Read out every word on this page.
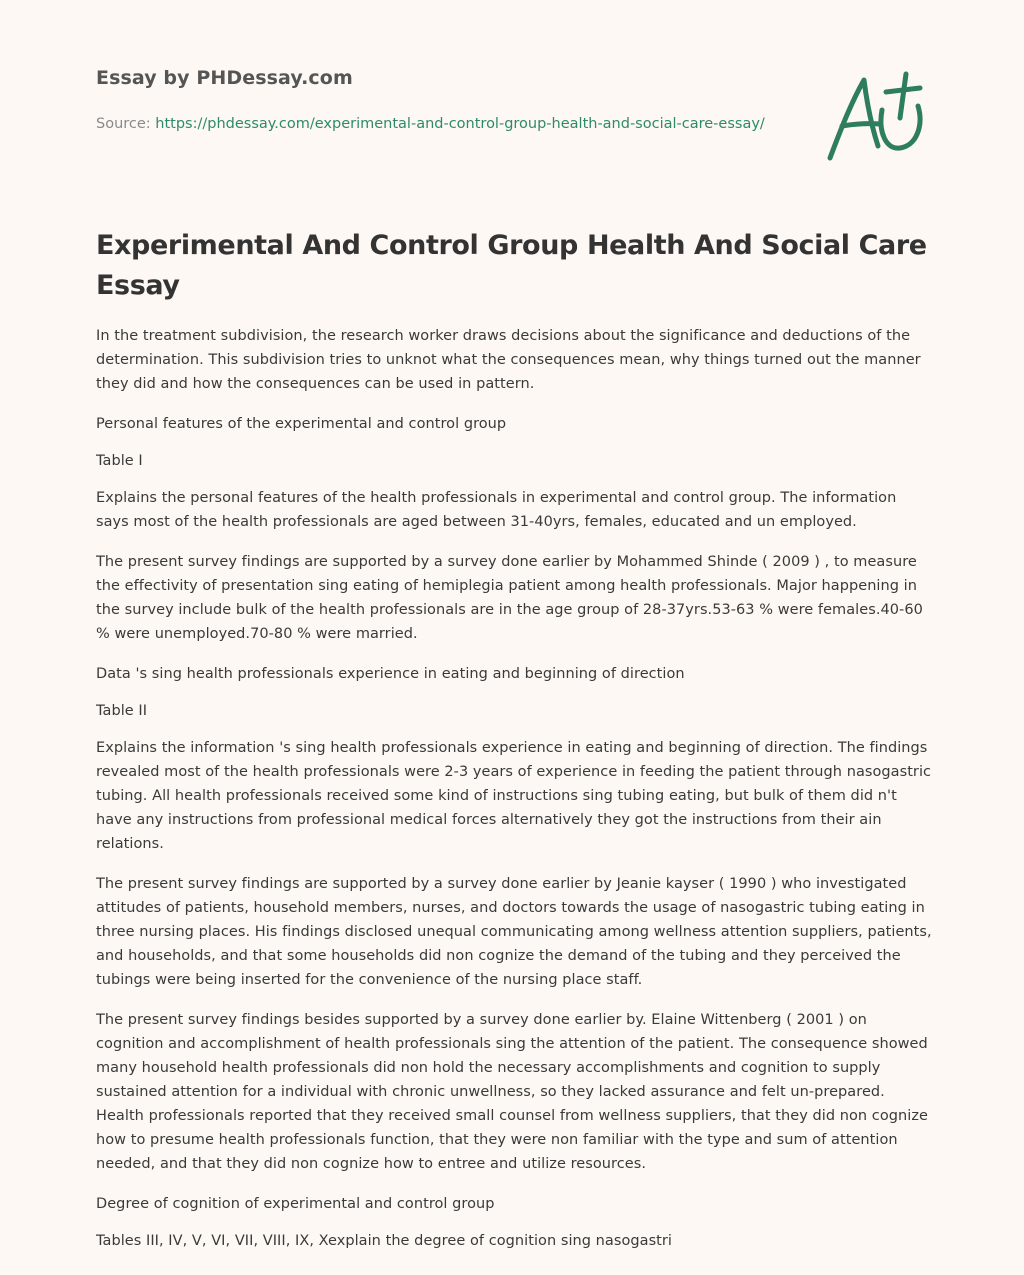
Essay by PHDessay.com
Source: https://phdessay.com/experimental-and-control-group-health-and-social-care-essay/
Experimental And Control Group Health And Social Care Essay

In the treatment subdivision, the research worker draws decisions about the significance and deductions of the determination. This subdivision tries to unknot what the consequences mean, why things turned out the manner they did and how the consequences can be used in pattern.

Personal features of the experimental and control group

Table I

Explains the personal features of the health professionals in experimental and control group. The information says most of the health professionals are aged between 31-40yrs, females, educated and un employed.

The present survey findings are supported by a survey done earlier by Mohammed Shinde ( 2009 ) , to measure the effectivity of presentation sing eating of hemiplegia patient among health professionals. Major happening in the survey include bulk of the health professionals are in the age group of 28-37yrs.53-63 % were females.40-60 % were unemployed.70-80 % were married.

Data 's sing health professionals experience in eating and beginning of direction

Table II

Explains the information 's sing health professionals experience in eating and beginning of direction. The findings revealed most of the health professionals were 2-3 years of experience in feeding the patient through nasogastric tubing. All health professionals received some kind of instructions sing tubing eating, but bulk of them did n't have any instructions from professional medical forces alternatively they got the instructions from their ain relations.

The present survey findings are supported by a survey done earlier by Jeanie kayser ( 1990 ) who investigated attitudes of patients, household members, nurses, and doctors towards the usage of nasogastric tubing eating in three nursing places. His findings disclosed unequal communicating among wellness attention suppliers, patients, and households, and that some households did non cognize the demand of the tubing and they perceived the tubings were being inserted for the convenience of the nursing place staff.

The present survey findings besides supported by a survey done earlier by. Elaine Wittenberg ( 2001 ) on cognition and accomplishment of health professionals sing the attention of the patient. The consequence showed many household health professionals did non hold the necessary accomplishments and cognition to supply sustained attention for a individual with chronic unwellness, so they lacked assurance and felt un-prepared. Health professionals reported that they received small counsel from wellness suppliers, that they did non cognize how to presume health professionals function, that they were non familiar with the type and sum of attention needed, and that they did non cognize how to entree and utilize resources.

Degree of cognition of experimental and control group

Tables III, IV, V, VI, VII, VIII, IX, Xexplain the degree of cognition sing nasogastri
